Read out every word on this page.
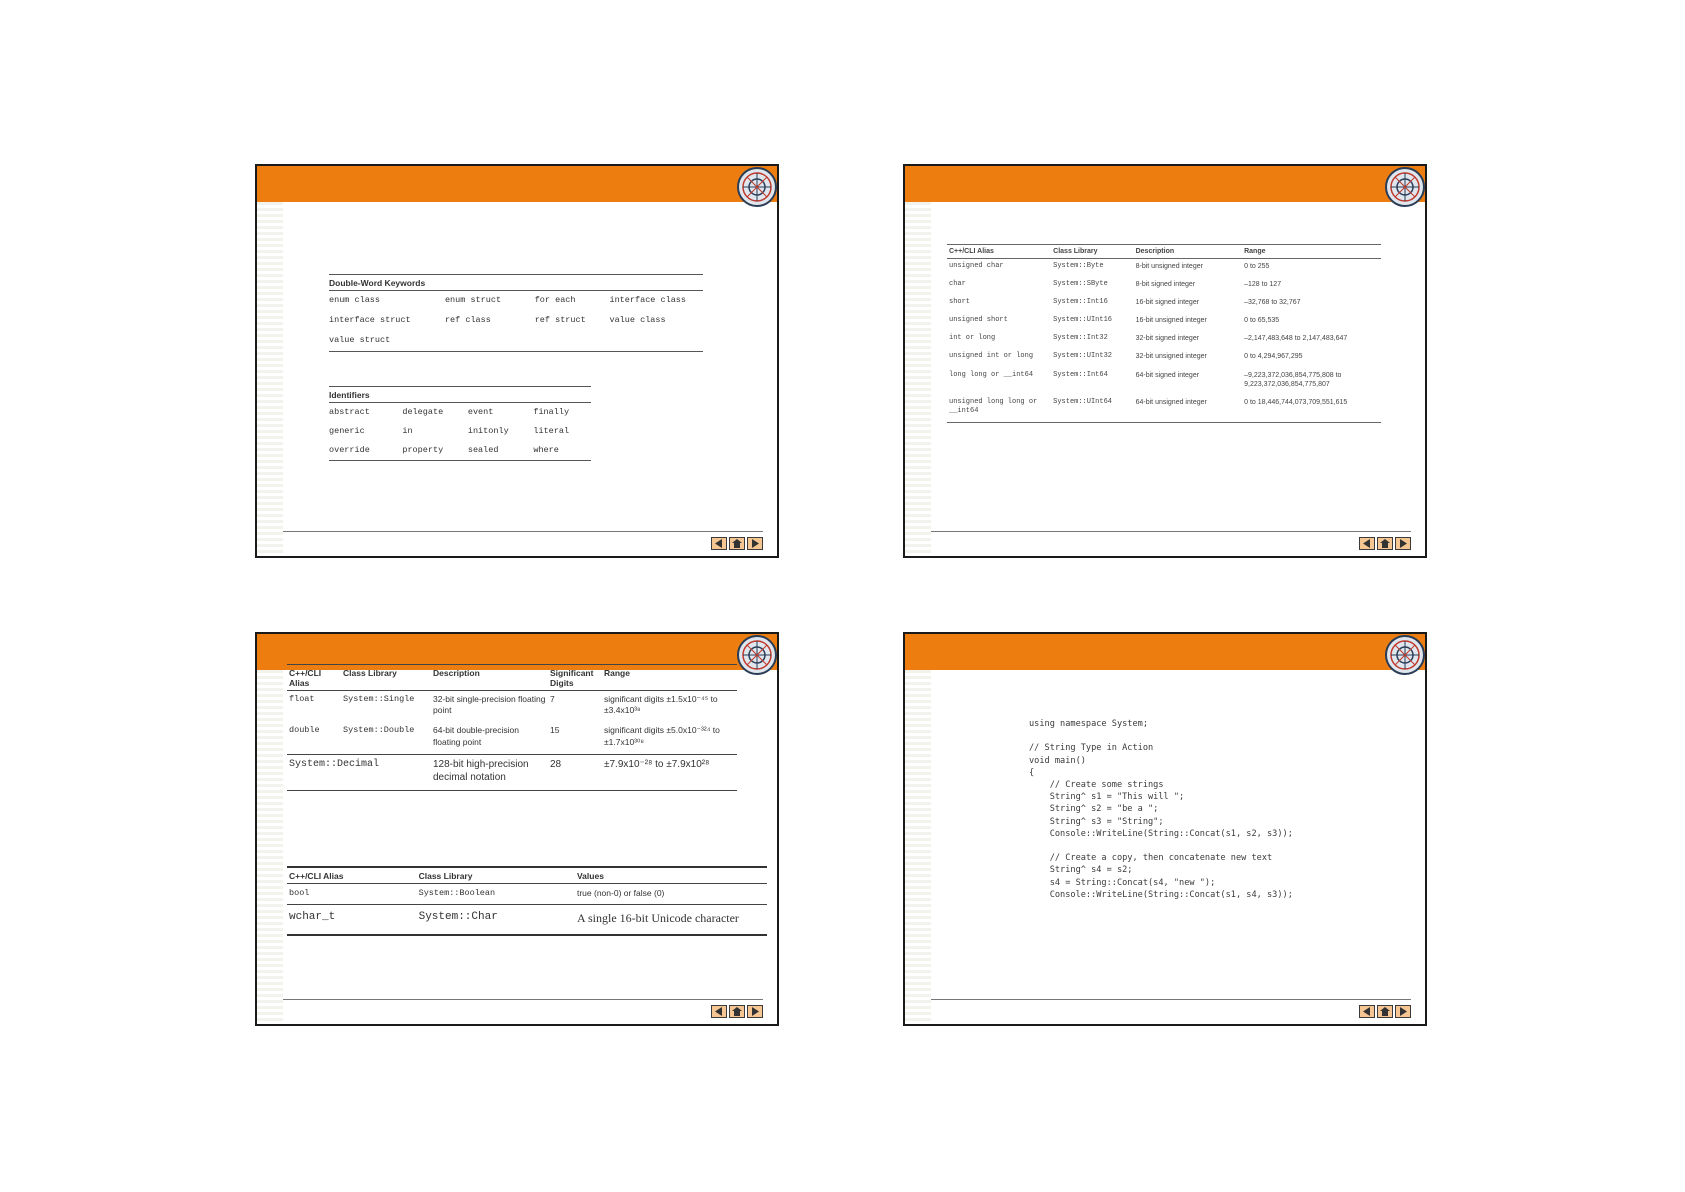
Double-Word Keywords			
enum class	enum struct	for each	interface class
interface struct	ref class	ref struct	value class
value struct			
Identifiers			
abstract	delegate	event	finally
generic	in	initonly	literal
override	property	sealed	where
C++/CLI Alias	Class Library	Description	Range
unsigned char	System::Byte	8-bit unsigned integer	0 to 255
char	System::SByte	8-bit signed integer	–128 to 127
short	System::Int16	16-bit signed integer	–32,768 to 32,767
unsigned short	System::UInt16	16-bit unsigned integer	0 to 65,535
int or long	System::Int32	32-bit signed integer	–2,147,483,648 to 2,147,483,647
unsigned int or long	System::UInt32	32-bit unsigned integer	0 to 4,294,967,295
long long or __int64	System::Int64	64-bit signed integer	–9,223,372,036,854,775,808 to 9,223,372,036,854,775,807
unsigned long long or __int64	System::UInt64	64-bit unsigned integer	0 to 18,446,744,073,709,551,615
C++/CLI Alias	Class Library	Description	Significant Digits	Range
float	System::Single	32-bit single-precision floating point	7	significant digits ±1.5x10⁻⁴⁵ to ±3.4x10³⁸
double	System::Double	64-bit double-precision floating point	15	significant digits ±5.0x10⁻³²⁴ to ±1.7x10³⁰⁸
System::Decimal		128-bit high-precision decimal notation	28	±7.9x10⁻²⁸ to ±7.9x10²⁸
C++/CLI Alias	Class Library	Values
bool	System::Boolean	true (non-0) or false (0)
wchar_t	System::Char	A single 16-bit Unicode character
using namespace System;

// String Type in Action
void main()
{
// Create some strings
String^ s1 = "This will ";
String^ s2 = "be a ";
String^ s3 = "String";
Console::WriteLine(String::Concat(s1, s2, s3));

// Create a copy, then concatenate new text
String^ s4 = s2;
s4 = String::Concat(s4, "new ");
Console::WriteLine(String::Concat(s1, s4, s3));
